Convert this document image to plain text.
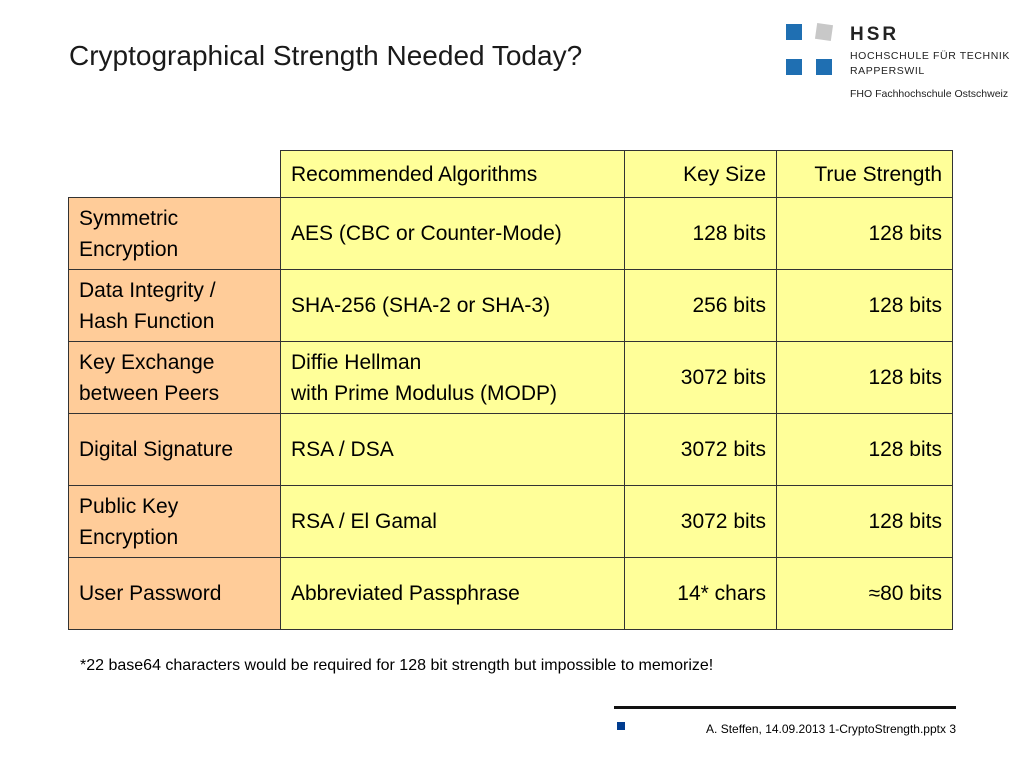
Cryptographical Strength Needed Today?
HSR
HOCHSCHULE FÜR TECHNIK
RAPPERSWIL
FHO Fachhochschule Ostschweiz
	Recommended Algorithms	Key Size	True Strength
Symmetric
Encryption	AES (CBC or Counter-Mode)	128 bits	128 bits
Data Integrity /
Hash Function	SHA-256 (SHA-2 or SHA-3)	256 bits	128 bits
Key Exchange
between Peers	Diffie Hellman
with Prime Modulus (MODP)	3072 bits	128 bits
Digital Signature	RSA / DSA	3072 bits	128 bits
Public Key
Encryption	RSA / El Gamal	3072 bits	128 bits
User Password	Abbreviated Passphrase	14* chars	≈80 bits
*22 base64 characters would be required for 128 bit strength but impossible to memorize!
A. Steffen, 14.09.2013 1-CryptoStrength.pptx 3
